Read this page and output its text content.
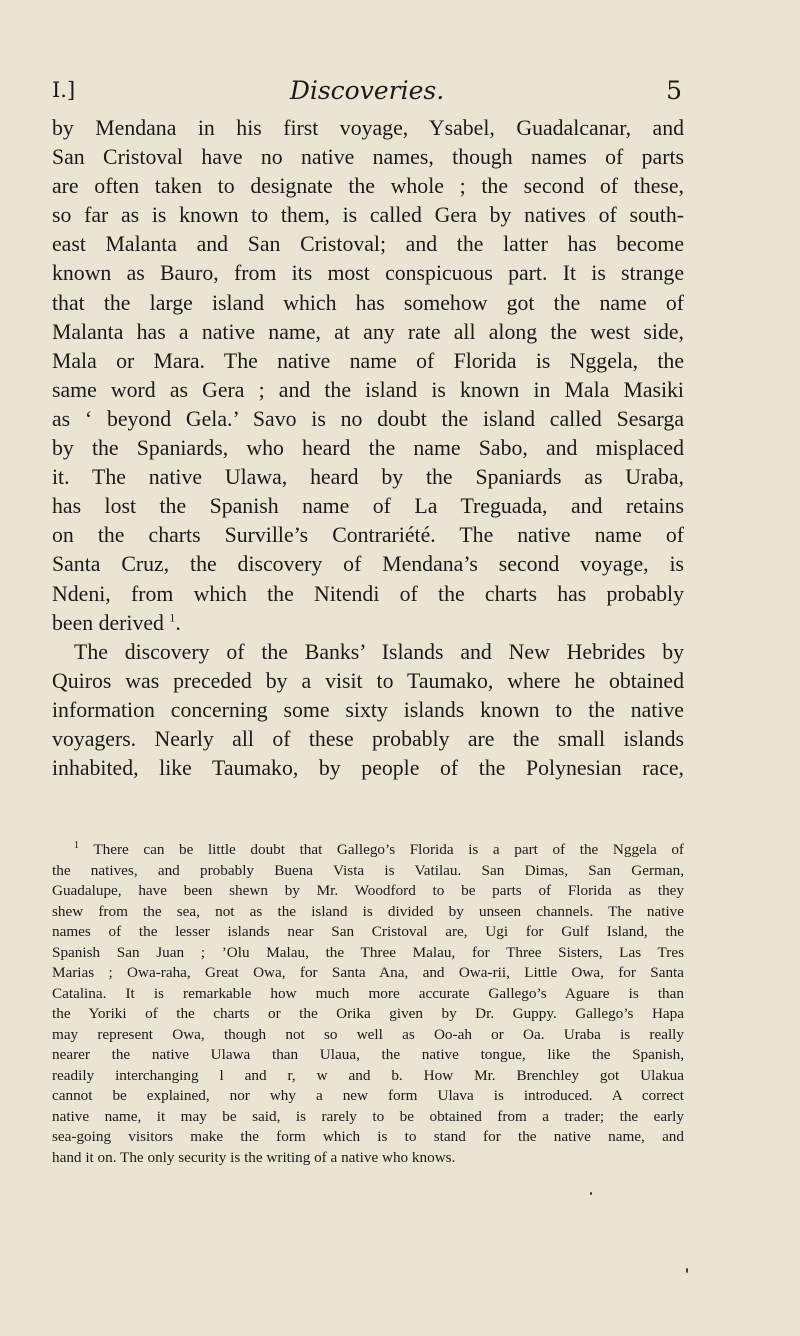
I.]	Discoveries.	5
by Mendana in his first voyage, Ysabel, Guadalcanar, and
San Cristoval have no native names, though names of parts
are often taken to designate the whole ; the second of these,
so far as is known to them, is called Gera by natives of south-
east Malanta and San Cristoval; and the latter has become
known as Bauro, from its most conspicuous part. It is strange
that the large island which has somehow got the name of
Malanta has a native name, at any rate all along the west side,
Mala or Mara. The native name of Florida is Nggela, the
same word as Gera ; and the island is known in Mala Masiki
as ‘ beyond Gela.’ Savo is no doubt the island called Sesarga
by the Spaniards, who heard the name Sabo, and misplaced
it. The native Ulawa, heard by the Spaniards as Uraba,
has lost the Spanish name of La Treguada, and retains
on the charts Surville’s Contrariété. The native name of
Santa Cruz, the discovery of Mendana’s second voyage, is
Ndeni, from which the Nitendi of the charts has probably
been derived $^1$.
The discovery of the Banks’ Islands and New Hebrides by
Quiros was preceded by a visit to Taumako, where he obtained
information concerning some sixty islands known to the native
voyagers. Nearly all of these probably are the small islands
inhabited, like Taumako, by people of the Polynesian race,
$^1$ There can be little doubt that Gallego’s Florida is a part of the Nggela of
the natives, and probably Buena Vista is Vatilau. San Dimas, San German,
Guadalupe, have been shewn by Mr. Woodford to be parts of Florida as they
shew from the sea, not as the island is divided by unseen channels. The native
names of the lesser islands near San Cristoval are, Ugi for Gulf Island, the
Spanish San Juan ; ’Olu Malau, the Three Malau, for Three Sisters, Las Tres
Marias ; Owa-raha, Great Owa, for Santa Ana, and Owa-rii, Little Owa, for Santa
Catalina. It is remarkable how much more accurate Gallego’s Aguare is than
the Yoriki of the charts or the Orika given by Dr. Guppy. Gallego’s Hapa
may represent Owa, though not so well as Oo-ah or Oa. Uraba is really
nearer the native Ulawa than Ulaua, the native tongue, like the Spanish,
readily interchanging l and r, w and b. How Mr. Brenchley got Ulakua
cannot be explained, nor why a new form Ulava is introduced. A correct
native name, it may be said, is rarely to be obtained from a trader; the early
sea-going visitors make the form which is to stand for the native name, and
hand it on. The only security is the writing of a native who knows.
